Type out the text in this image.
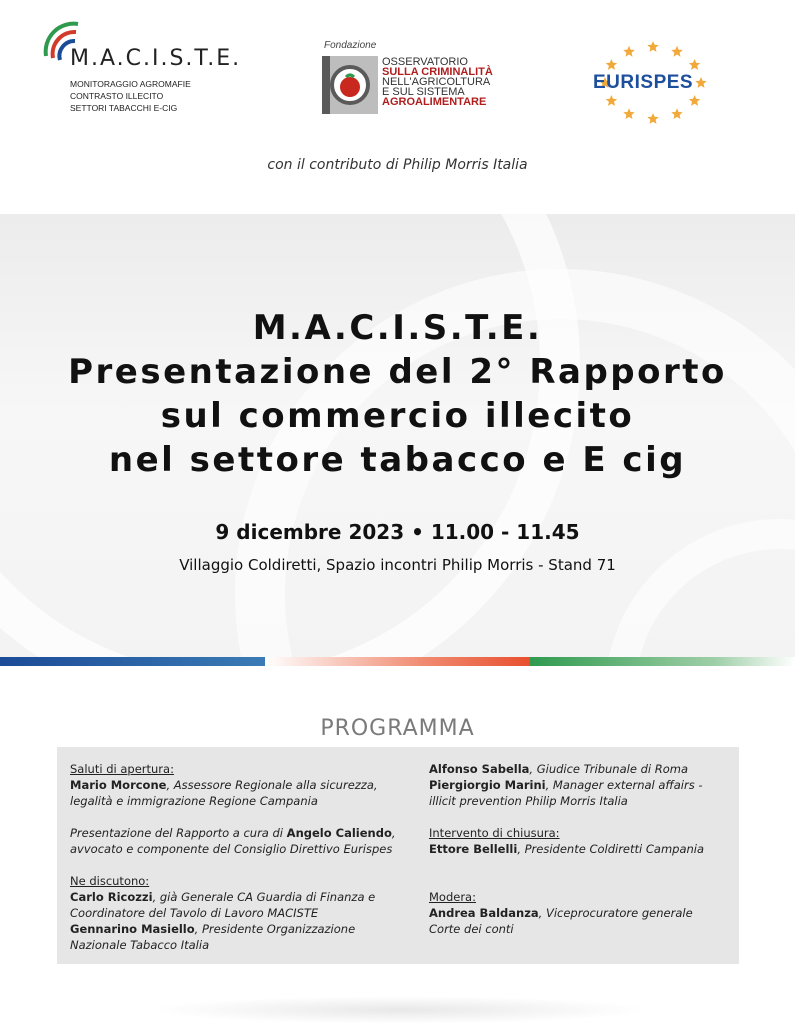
M.A.C.I.S.T.E.
MONITORAGGIO AGROMAFIE
CONTRASTO ILLECITO
SETTORI TABACCHI E-CIG
Fondazione
OSSERVATORIO
SULLA CRIMINALITÀ
NELL'AGRICOLTURA
E SUL SISTEMA
AGROALIMENTARE
EURISPES
con il contributo di Philip Morris Italia
M.A.C.I.S.T.E.
Presentazione del 2° Rapporto
sul commercio illecito
nel settore tabacco e E cig
9 dicembre 2023 • 11.00 - 11.45
Villaggio Coldiretti, Spazio incontri Philip Morris - Stand 71
PROGRAMMA
Saluti di apertura:
Mario Morcone, Assessore Regionale alla sicurezza,
legalità e immigrazione Regione Campania
Presentazione del Rapporto a cura di Angelo Caliendo,
avvocato e componente del Consiglio Direttivo Eurispes
Ne discutono:
Carlo Ricozzi, già Generale CA Guardia di Finanza e
Coordinatore del Tavolo di Lavoro MACISTE
Gennarino Masiello, Presidente Organizzazione
Nazionale Tabacco Italia
Alfonso Sabella, Giudice Tribunale di Roma
Piergiorgio Marini, Manager external affairs -
illicit prevention Philip Morris Italia
Intervento di chiusura:
Ettore Bellelli, Presidente Coldiretti Campania
Modera:
Andrea Baldanza, Viceprocuratore generale
Corte dei conti
